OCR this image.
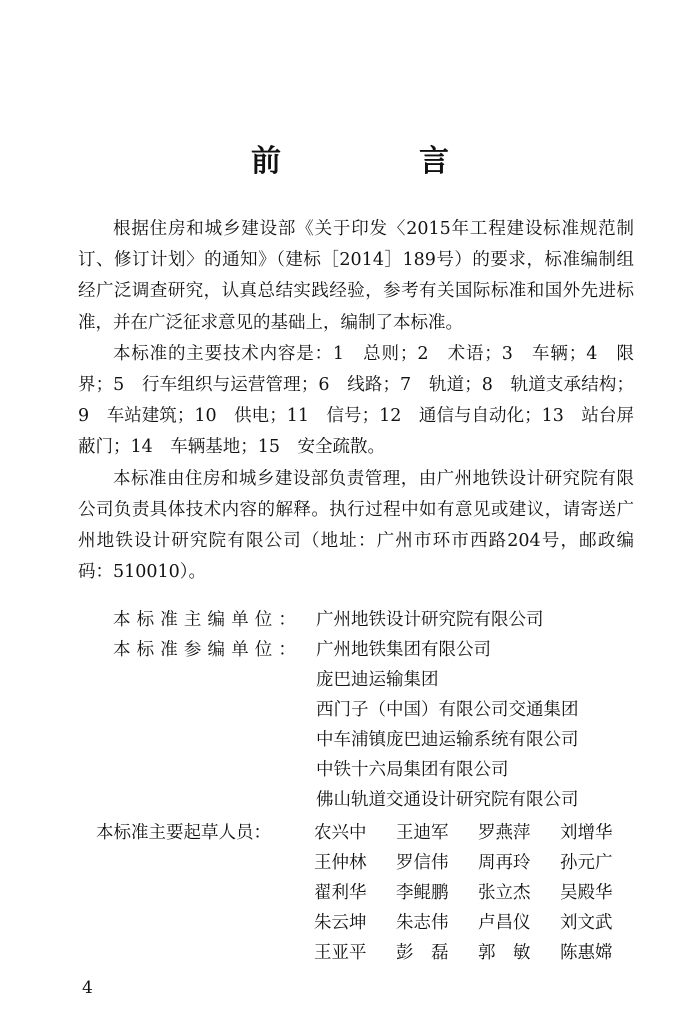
前　言

根据住房和城乡建设部《关于印发〈2015年工程建设标准规范制订、修订计划〉的通知》（建标［2014］189号）的要求，标准编制组经广泛调查研究，认真总结实践经验，参考有关国际标准和国外先进标准，并在广泛征求意见的基础上，编制了本标准。

本标准的主要技术内容是：1　总则；2　术语；3　车辆；4　限界；5　行车组织与运营管理；6　线路；7　轨道；8　轨道支承结构；9　车站建筑；10　供电；11　信号；12　通信与自动化；13　站台屏蔽门；14　车辆基地；15　安全疏散。

本标准由住房和城乡建设部负责管理，由广州地铁设计研究院有限公司负责具体技术内容的解释。执行过程中如有意见或建议，请寄送广州地铁设计研究院有限公司（地址：广州市环市西路204号，邮政编码：510010）。

本标准主编单位： 广州地铁设计研究院有限公司
本标准参编单位： 广州地铁集团有限公司
庞巴迪运输集团
西门子（中国）有限公司交通集团
中车浦镇庞巴迪运输系统有限公司
中铁十六局集团有限公司
佛山轨道交通设计研究院有限公司
本标准主要起草人员：	农兴中	王迪军	罗燕萍	刘增华
王仲林	罗信伟	周再玲	孙元广
翟利华	李鲲鹏	张立杰	吴殿华
朱云坤	朱志伟	卢昌仪	刘文武
王亚平	彭　磊	郭　敏	陈惠嫦
4
